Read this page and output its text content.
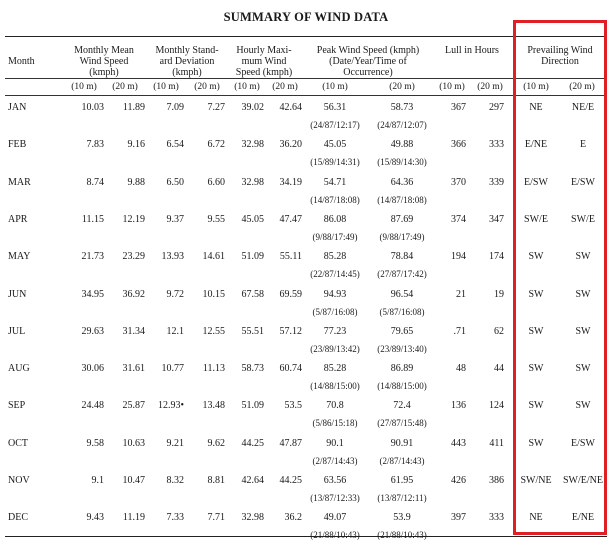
SUMMARY OF WIND DATA
Month
Monthly Mean
Wind Speed
(kmph)
Monthly Stand-
ard Deviation
(kmph)
Hourly Maxi-
mum Wind
Speed (kmph)
Peak Wind Speed (kmph)
(Date/Year/Time of
Occurrence)
Lull in Hours	Prevailing Wind
Direction
(10 m)	(20 m)	(10 m)	(20 m)	(10 m)	(20 m)	(10 m)	(20 m)	(10 m)	(20 m)	(10 m)	(20 m)
JAN	10.03	11.89	7.09	7.27	39.02	42.64	56.31	58.73	367	297	NE	NE/E
(24/87/12:17)	(24/87/12:07)
FEB	7.83	9.16	6.54	6.72	32.98	36.20	45.05	49.88	366	333	E/NE	E
(15/89/14:31)	(15/89/14:30)
MAR	8.74	9.88	6.50	6.60	32.98	34.19	54.71	64.36	370	339	E/SW	E/SW
(14/87/18:08)	(14/87/18:08)
APR	11.15	12.19	9.37	9.55	45.05	47.47	86.08	87.69	374	347	SW/E	SW/E
(9/88/17:49)	(9/88/17:49)
MAY	21.73	23.29	13.93	14.61	51.09	55.11	85.28	78.84	194	174	SW	SW
(22/87/14:45)	(27/87/17:42)
JUN	34.95	36.92	9.72	10.15	67.58	69.59	94.93	96.54	21	19	SW	SW
(5/87/16:08)	(5/87/16:08)
JUL	29.63	31.34	12.1	12.55	55.51	57.12	77.23	79.65	.71	62	SW	SW
(23/89/13:42)	(23/89/13:40)
AUG	30.06	31.61	10.77	11.13	58.73	60.74	85.28	86.89	48	44	SW	SW
(14/88/15:00)	(14/88/15:00)
SEP	24.48	25.87	12.93•	13.48	51.09	53.5	70.8	72.4	136	124	SW	SW
(5/86/15:18)	(27/87/15:48)
OCT	9.58	10.63	9.21	9.62	44.25	47.87	90.1	90.91	443	411	SW	E/SW
(2/87/14:43)	(2/87/14:43)
NOV	9.1	10.47	8.32	8.81	42.64	44.25	63.56	61.95	426	386	SW/NE	SW/E/NE
(13/87/12:33)	(13/87/12:11)
DEC	9.43	11.19	7.33	7.71	32.98	36.2	49.07	53.9	397	333	NE	E/NE
(21/88/10:43)	(21/88/10:43)
